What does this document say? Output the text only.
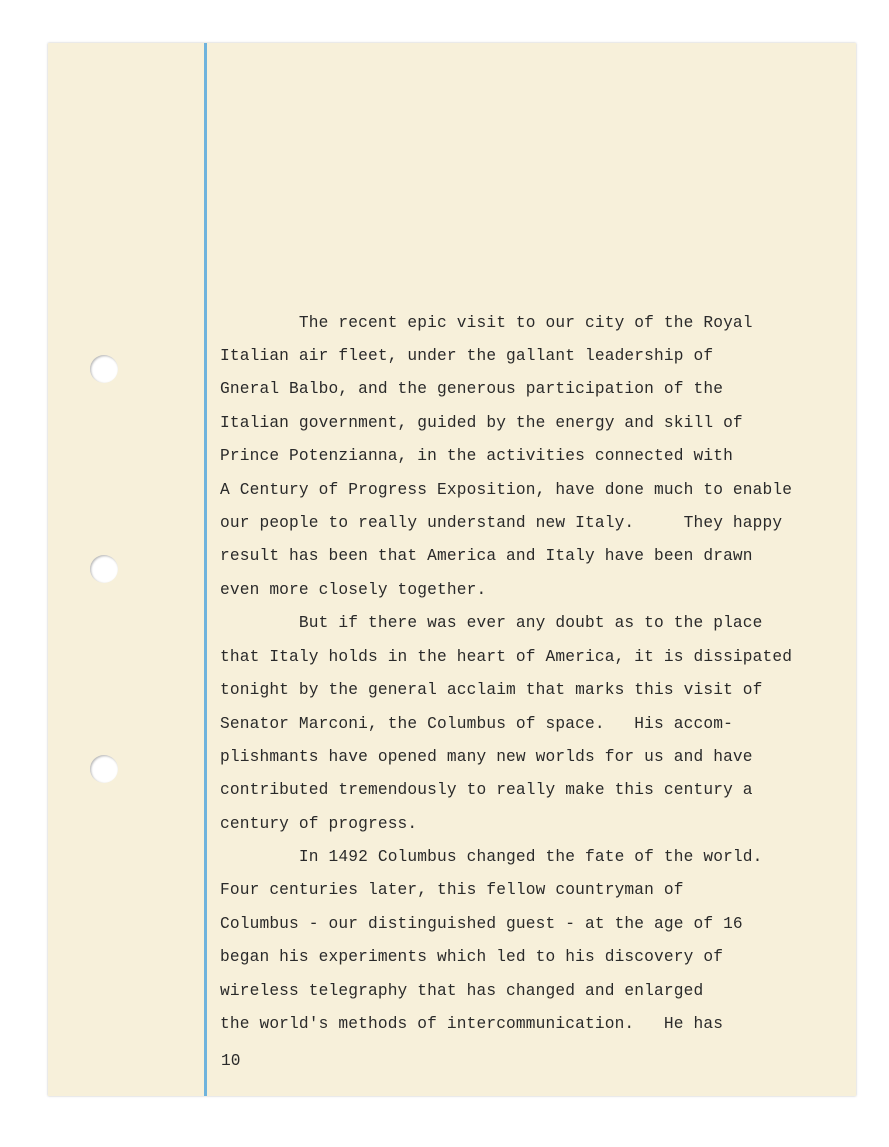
The recent epic visit to our city of the Royal
Italian air fleet, under the gallant leadership of
Gneral Balbo, and the generous participation of the
Italian government, guided by the energy and skill of
Prince Potenzianna, in the activities connected with
A Century of Progress Exposition, have done much to enable
our people to really understand new Italy.     They happy
result has been that America and Italy have been drawn
even more closely together.
But if there was ever any doubt as to the place
that Italy holds in the heart of America, it is dissipated
tonight by the general acclaim that marks this visit of
Senator Marconi, the Columbus of space.   His accom-
plishmants have opened many new worlds for us and have
contributed tremendously to really make this century a
century of progress.
In 1492 Columbus changed the fate of the world.
Four centuries later, this fellow countryman of
Columbus - our distinguished guest - at the age of 16
began his experiments which led to his discovery of
wireless telegraphy that has changed and enlarged
the world's methods of intercommunication.   He has
10
